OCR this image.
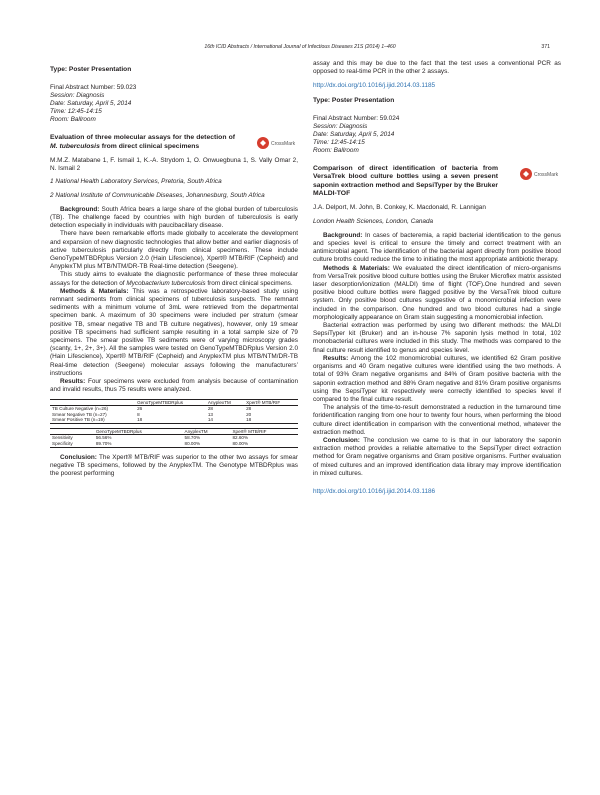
16th ICID Abstracts / International Journal of Infectious Diseases 21S (2014) 1–460	371

Type: Poster Presentation

Final Abstract Number: 59.023
Session: Diagnosis
Date: Saturday, April 5, 2014
Time: 12:45-14:15
Room: Ballroom

Evaluation of three molecular assays for the detection of M. tuberculosis from direct clinical specimens	CrossMark

M.M.Z. Matabane 1, F. Ismail 1, K.-A. Strydom 1, O. Onwuegbuna 1, S. Vally Omar 2, N. Ismail 2

1 National Health Laboratory Services, Pretoria, South Africa

2 National Institute of Communicable Diseases, Johannesburg, South Africa

Background: South Africa bears a large share of the global burden of tuberculosis (TB). The challenge faced by countries with high burden of tuberculosis is early detection especially in individuals with paucibacillary disease.

There have been remarkable efforts made globally to accelerate the development and expansion of new diagnostic technologies that allow better and earlier diagnosis of active tuberculosis particularly directly from clinical specimens. These include GenoTypeMTBDRplus Version 2.0 (Hain Lifescience), Xpert® MTB/RIF (Cepheid) and AnyplexTM plus MTB/NTM/DR-TB Real-time detection (Seegene).

This study aims to evaluate the diagnostic performance of these three molecular assays for the detection of Mycobacterium tuberculosis from direct clinical specimens.

Methods & Materials: This was a retrospective laboratory-based study using remnant sediments from clinical specimens of tuberculosis suspects. The remnant sediments with a minimum volume of 3mL were retrieved from the departmental specimen bank. A maximum of 30 specimens were included per stratum (smear positive TB, smear negative TB and TB culture negatives), however, only 19 smear positive TB specimens had sufficient sample resulting in a total sample size of 79 specimens. The smear positive TB sediments were of varying microscopy grades (scanty, 1+, 2+, 3+). All the samples were tested on GenoTypeMTBDRplus Version 2.0 (Hain Lifescience), Xpert® MTB/RIF (Cepheid) and AnyplexTM plus MTB/NTM/DR-TB Real-time detection (Seegene) molecular assays following the manufacturers’ instructions

Results: Four specimens were excluded from analysis because of contamination and invalid results, thus 75 results were analyzed.

	GenoTypeMTBDRplus	AnyplexTM	Xpert® MTB/RIF
TB Culture Negative (n=26)	26	28	28
Smear Negative TB (n=27)	8	13	20
Smear Positive TB (n=19)	18	14	18
	GenoTypeMTBDRplus	AnyplexTM	Xpert® MTB/RIF
Sensitivity	56.56%	58.70%	82.60%
Specificity	89.70%	80.00%	80.00%

Conclusion: The Xpert® MTB/RIF was superior to the other two assays for smear negative TB specimens, followed by the AnyplexTM. The Genotype MTBDRplus was the poorest performing

assay and this may be due to the fact that the test uses a conventional PCR as opposed to real-time PCR in the other 2 assays.

http://dx.doi.org/10.1016/j.ijid.2014.03.1185

Type: Poster Presentation

Final Abstract Number: 59.024
Session: Diagnosis
Date: Saturday, April 5, 2014
Time: 12:45-14:15
Room: Ballroom

Comparison of direct identification of bacteria from VersaTrek blood culture bottles using a seven present saponin extraction method and SepsiTyper by the Bruker MALDI-TOF

CrossMark

J.A. Delport, M. John, B. Conkey, K. Macdonald, R. Lannigan

London Health Sciences, London, Canada

Background: In cases of bacteremia, a rapid bacterial identification to the genus and species level is critical to ensure the timely and correct treatment with an antimicrobial agent. The identification of the bacterial agent directly from positive blood culture broths could reduce the time to initiating the most appropriate antibiotic therapy.

Methods & Materials: We evaluated the direct identification of micro-organisms from VersaTrek positive blood culture bottles using the Bruker Microflex matrix assisted laser desorption/ionization (MALDI) time of flight (TOF).One hundred and seven positive blood culture bottles were flagged positive by the VersaTrek blood culture system. Only positive blood cultures suggestive of a monomicrobial infection were included in the comparison. One hundred and two blood cultures had a single morphologically appearance on Gram stain suggesting a monomicrobial infection.

Bacterial extraction was performed by using two different methods: the MALDI SepsiTyper kit (Bruker) and an in-house 7% saponin lysis method In total, 102 monobacterial cultures were included in this study. The methods was compared to the final culture result identified to genus and species level.

Results: Among the 102 monomicrobial cultures, we identified 62 Gram positive organisms and 40 Gram negative cultures were identified using the two methods. A total of 93% Gram negative organisms and 84% of Gram positive bacteria with the saponin extraction method and 88% Gram negative and 81% Gram positive organisms using the SepsiTyper kit respectively were correctly identified to species level if compared to the final culture result.

The analysis of the time-to-result demonstrated a reduction in the turnaround time foridentification ranging from one hour to twenty four hours, when performing the blood culture direct identification in comparison with the conventional method, whatever the extraction method.

Conclusion: The conclusion we came to is that in our laboratory the saponin extraction method provides a reliable alternative to the SepsiTyper direct extraction method for Gram negative organisms and Gram positive organisms. Further evaluation of mixed cultures and an improved identification data library may improve identification in mixed cultures.

http://dx.doi.org/10.1016/j.ijid.2014.03.1186
